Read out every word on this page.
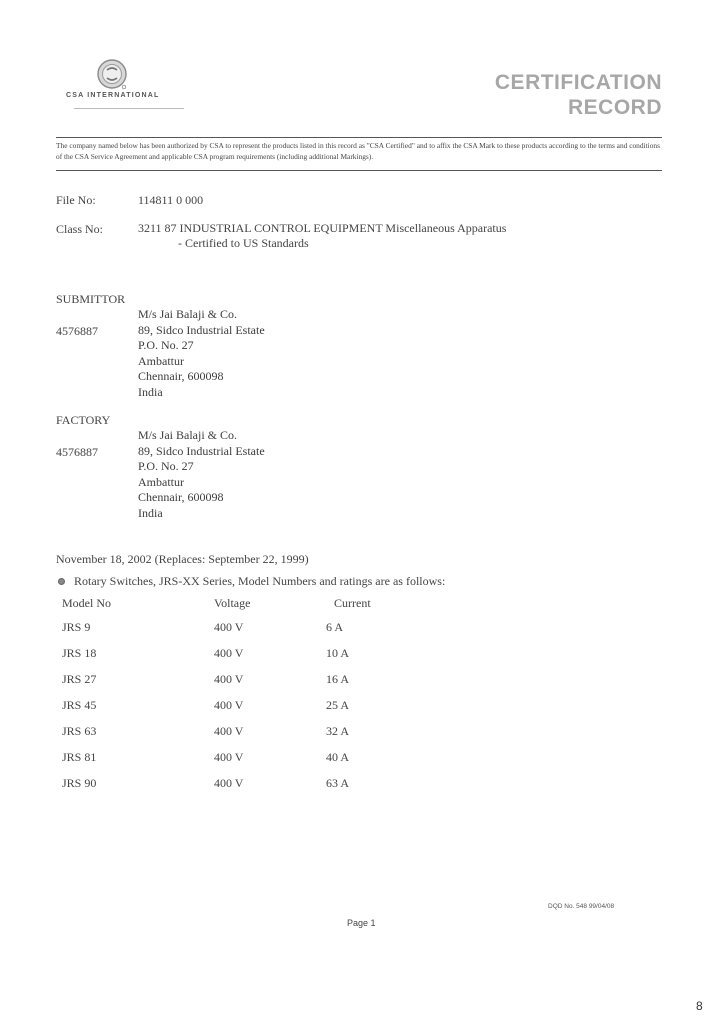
CSA INTERNATIONAL
CERTIFICATION
RECORD
The company named below has been authorized by CSA to represent the products listed in this record as "CSA Certified" and to affix the CSA Mark to these products according to the terms and conditions of the CSA Service Agreement and applicable CSA program requirements (including additional Markings).
File No:	114811 0 000
Class No:	3211 87 INDUSTRIAL CONTROL EQUIPMENT Miscellaneous Apparatus
- Certified to US Standards
SUBMITTOR
4576887
M/s Jai Balaji & Co.
89, Sidco Industrial Estate
P.O. No. 27
Ambattur
Chennair, 600098
India
FACTORY
4576887
M/s Jai Balaji & Co.
89, Sidco Industrial Estate
P.O. No. 27
Ambattur
Chennair, 600098
India
November 18, 2002 (Replaces: September 22, 1999)
Rotary Switches, JRS-XX Series, Model Numbers and ratings are as follows:
Model No	Voltage	Current
JRS 9	400 V	6 A
JRS 18	400 V	10 A
JRS 27	400 V	16 A
JRS 45	400 V	25 A
JRS 63	400 V	32 A
JRS 81	400 V	40 A
JRS 90	400 V	63 A
DQD No. 548 99/04/08
Page 1
8
